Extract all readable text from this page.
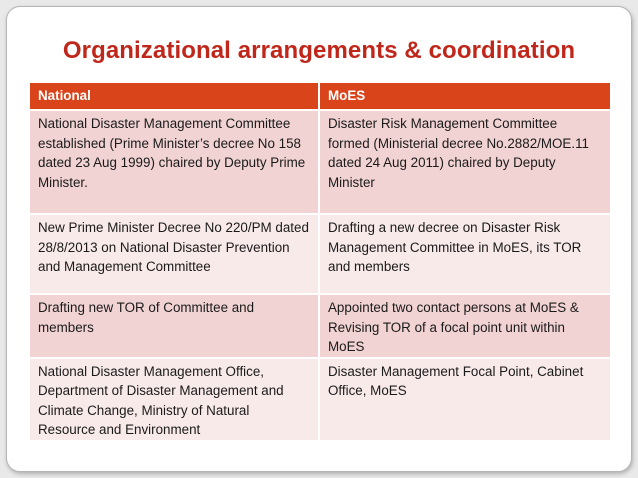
Organizational arrangements & coordination
National	MoES
National Disaster Management Committee established (Prime Minister’s decree No 158 dated 23 Aug 1999) chaired by Deputy Prime Minister.	Disaster Risk Management Committee formed (Ministerial decree No.2882/MOE.11 dated 24 Aug 2011) chaired by Deputy Minister
New Prime Minister Decree No 220/PM dated 28/8/2013 on National Disaster Prevention and Management Committee	Drafting a new decree on Disaster Risk Management Committee in MoES, its TOR and members
Drafting new TOR of Committee and members	Appointed two contact persons at MoES & Revising TOR of a focal point unit within MoES
National Disaster Management Office, Department of Disaster Management and Climate Change, Ministry of Natural Resource and Environment	Disaster Management Focal Point, Cabinet Office, MoES
